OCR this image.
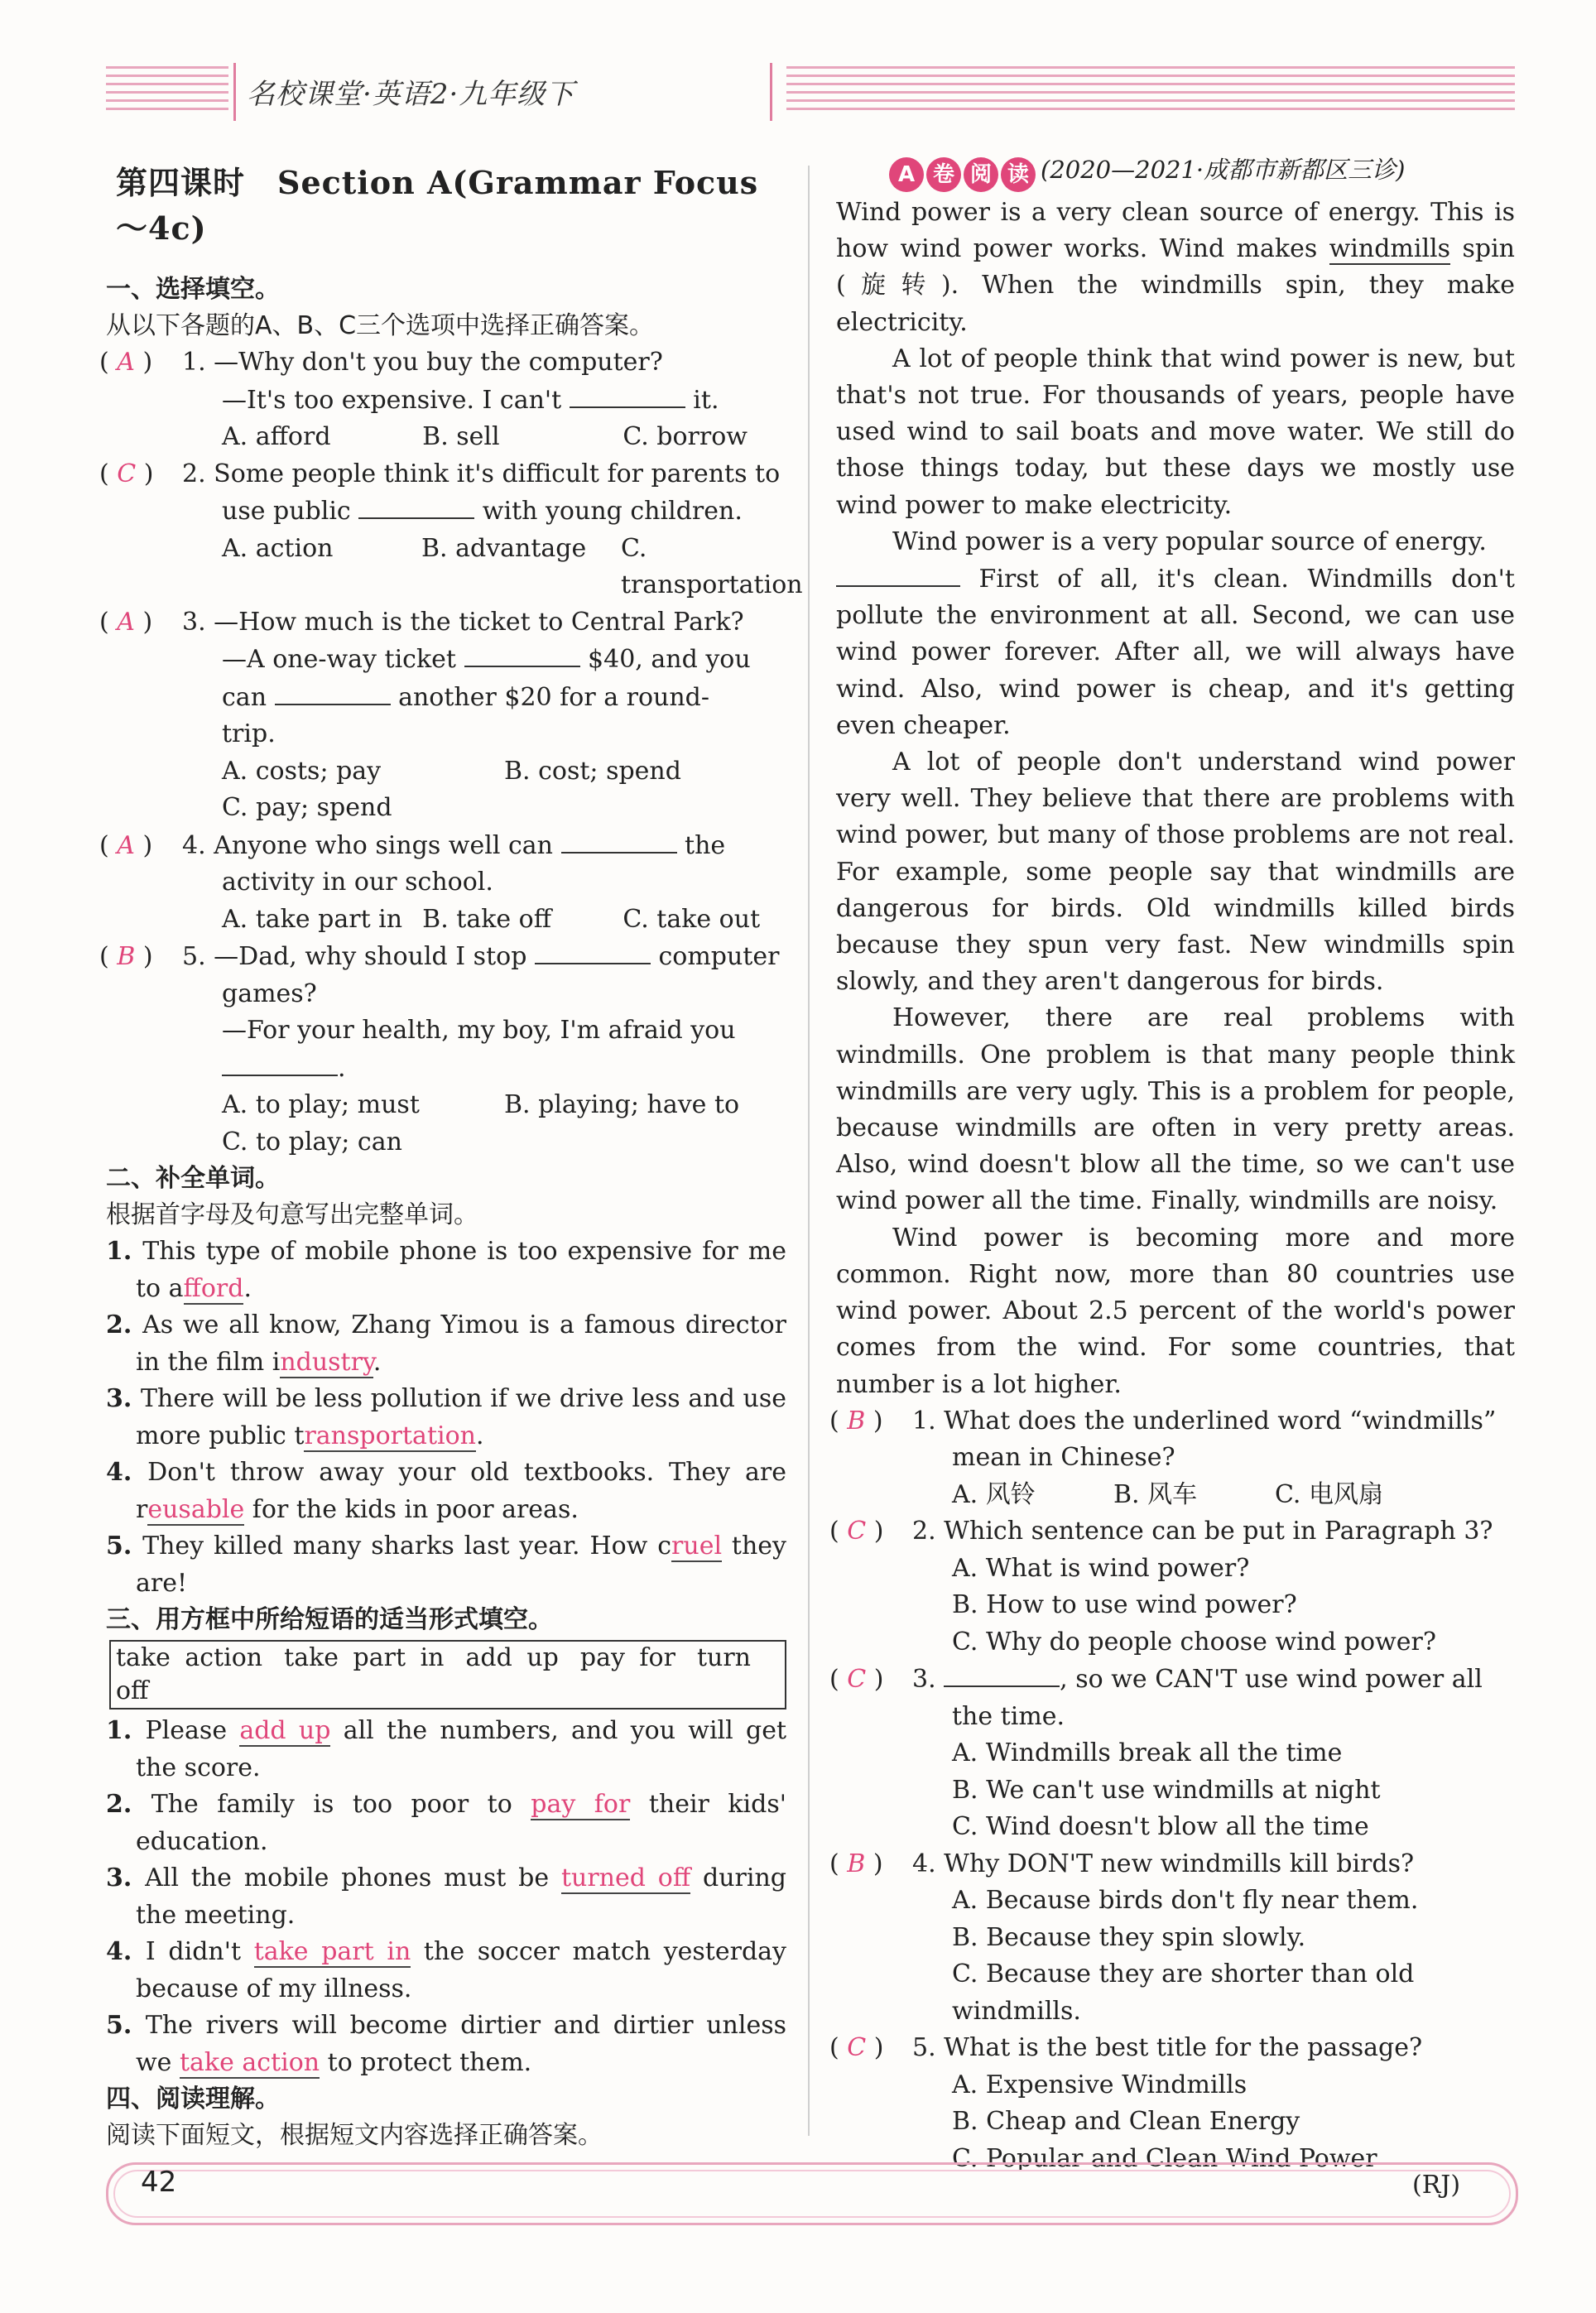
名校课堂·英语2·九年级下
第四课时　Section A(Grammar Focus～4c)
一、选择填空。
从以下各题的A、B、C三个选项中选择正确答案。
( A ) 1. —Why don't you buy the computer?
—It's too expensive. I can't	it.
A. afford	B. sell	C. borrow
( C ) 2. Some people think it's difficult for parents to
use public	with young children.
A. action	B. advantage	C. transportation
( A ) 3. —How much is the ticket to Central Park?
—A one-way ticket	$40, and you
can	another $20 for a round-
trip.
A. costs; pay	B. cost; spend
C. pay; spend
( A ) 4. Anyone who sings well can	the
activity in our school.
A. take part in B. take off	C. take out
( B ) 5. —Dad, why should I stop	computer
games?
—For your health, my boy, I'm afraid you
.
A. to play; must	B. playing; have to
C. to play; can
二、补全单词。
根据首字母及句意写出完整单词。
1. This type of mobile phone is too expensive for me to afford.
2. As we all know, Zhang Yimou is a famous director in the film industry.
3. There will be less pollution if we drive less and use more public transportation.
4. Don't throw away your old textbooks. They are reusable for the kids in poor areas.
5. They killed many sharks last year. How cruel they are!
三、用方框中所给短语的适当形式填空。
take action take part in add up pay for turn off
1. Please add up all the numbers, and you will get the score.
2. The family is too poor to pay for their kids' education.
3. All the mobile phones must be turned off during the meeting.
4. I didn't take part in the soccer match yesterday because of my illness.
5. The rivers will become dirtier and dirtier unless we take action to protect them.
四、阅读理解。
阅读下面短文，根据短文内容选择正确答案。
A 卷 阅 读 (2020—2021·成都市新都区三诊)

Wind power is a very clean source of energy. This is how wind power works. Wind makes windmills spin (旋转). When the windmills spin, they make electricity.

A lot of people think that wind power is new, but that's not true. For thousands of years, people have used wind to sail boats and move water. We still do those things today, but these days we mostly use wind power to make electricity.

Wind power is a very popular source of energy.
First of all, it's clean. Windmills don't pollute the environment at all. Second, we can use wind power forever. After all, we will always have wind. Also, wind power is cheap, and it's getting even cheaper.

A lot of people don't understand wind power very well. They believe that there are problems with wind power, but many of those problems are not real. For example, some people say that windmills are dangerous for birds. Old windmills killed birds because they spun very fast. New windmills spin slowly, and they aren't dangerous for birds.

However, there are real problems with windmills. One problem is that many people think windmills are very ugly. This is a problem for people, because windmills are often in very pretty areas. Also, wind doesn't blow all the time, so we can't use wind power all the time. Finally, windmills are noisy.

Wind power is becoming more and more common. Right now, more than 80 countries use wind power. About 2.5 percent of the world's power comes from the wind. For some countries, that number is a lot higher.

( B ) 1. What does the underlined word “windmills”
mean in Chinese?
A. 风铃	B. 风车	C. 电风扇
( C ) 2. Which sentence can be put in Paragraph 3?
A. What is wind power?
B. How to use wind power?
C. Why do people choose wind power?
( C ) 3.	, so we CAN'T use wind power all
the time.
A. Windmills break all the time
B. We can't use windmills at night
C. Wind doesn't blow all the time
( B ) 4. Why DON'T new windmills kill birds?
A. Because birds don't fly near them.
B. Because they spin slowly.
C. Because they are shorter than old windmills.
( C ) 5. What is the best title for the passage?
A. Expensive Windmills
B. Cheap and Clean Energy
C. Popular and Clean Wind Power
42	(RJ)
